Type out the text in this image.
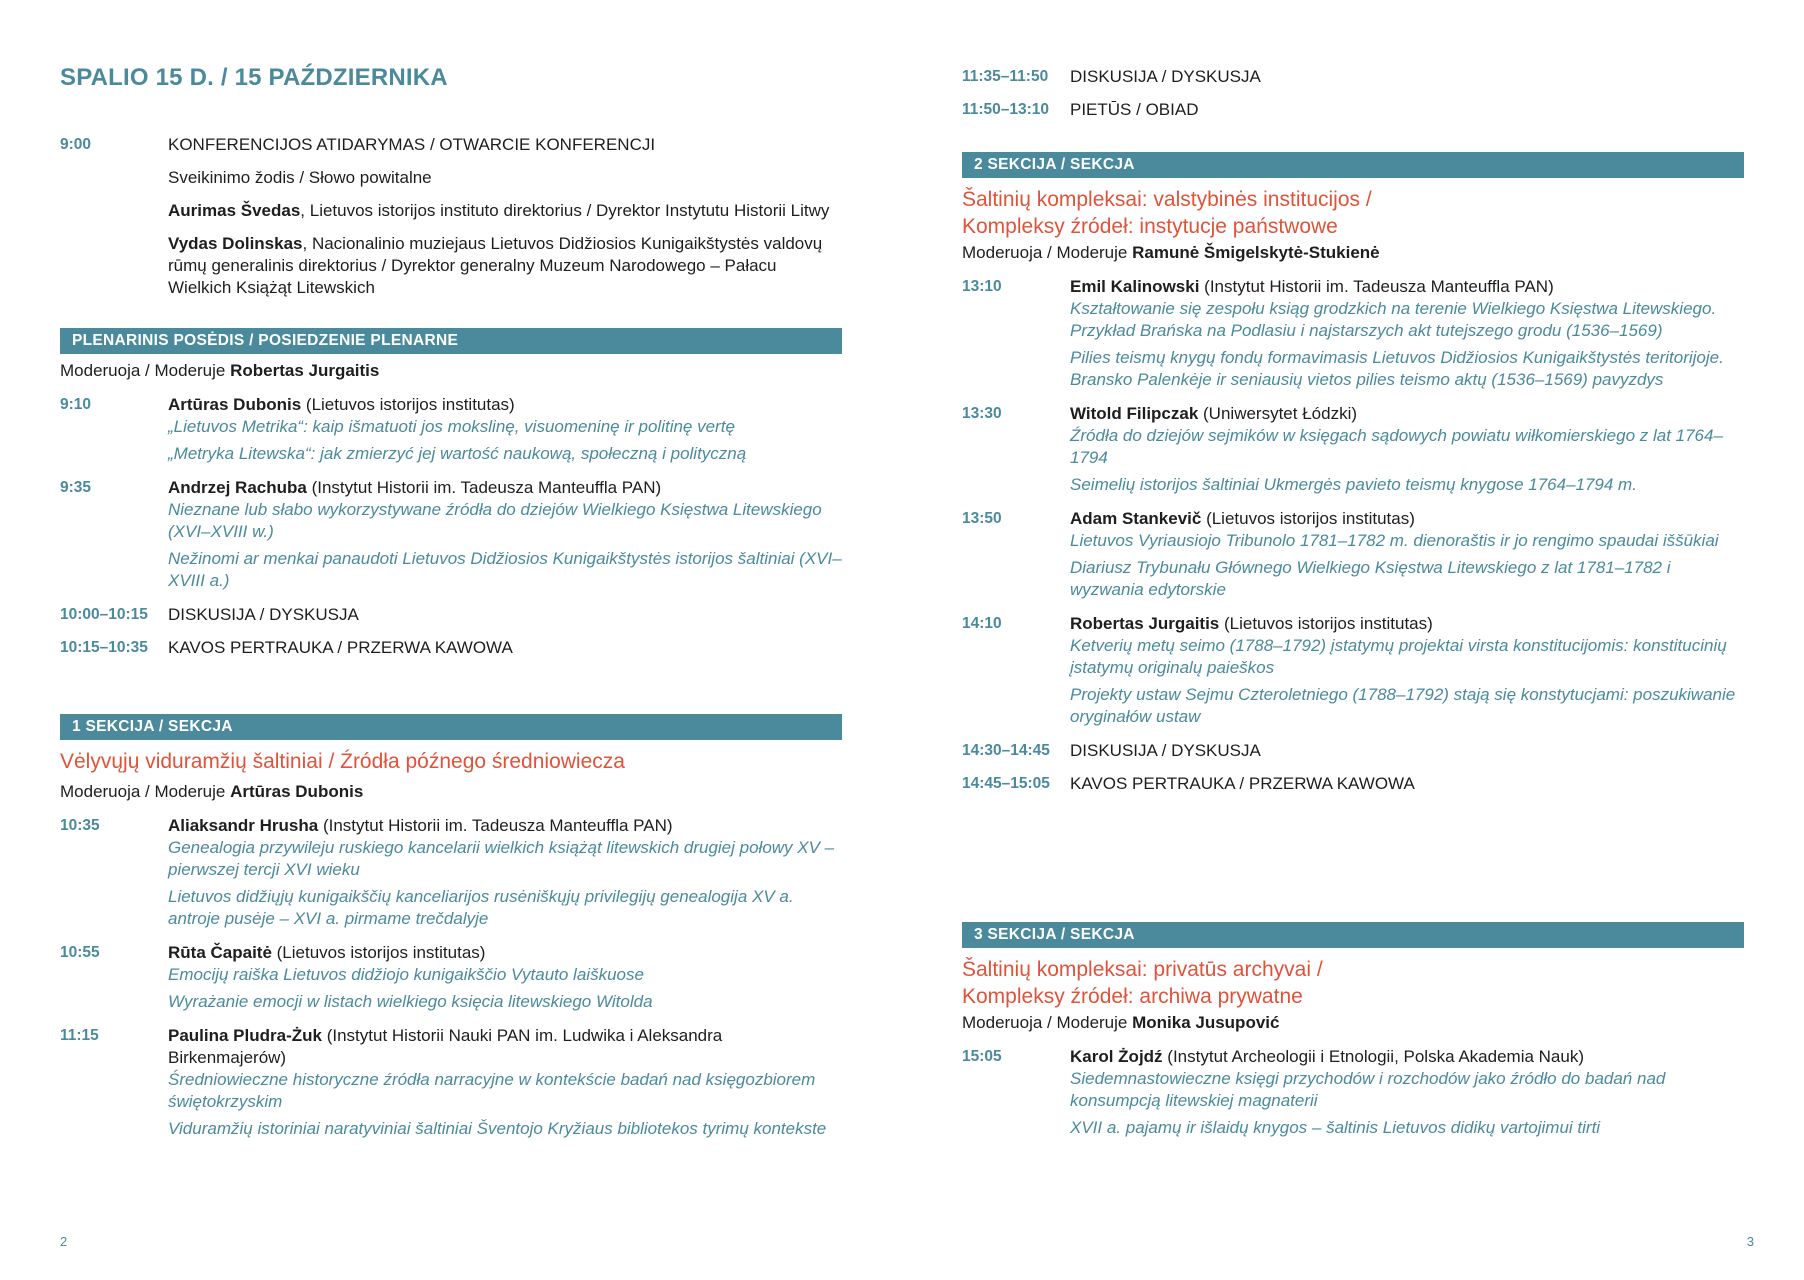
SPALIO 15 D. / 15 PAŹDZIERNIKA
9:00	KONFERENCIJOS ATIDARYMAS / OTWARCIE KONFERENCJI

Sveikinimo žodis / Słowo powitalne

Aurimas Švedas, Lietuvos istorijos instituto direktorius / Dyrektor Instytutu Historii Litwy

Vydas Dolinskas, Nacionalinio muziejaus Lietuvos Didžiosios Kunigaikštystės valdovų rūmų generalinis direktorius / Dyrektor generalny Muzeum Narodowego – Pałacu Wielkich Książąt Litewskich

PLENARINIS POSĖDIS / POSIEDZENIE PLENARNE
Moderuoja / Moderuje Robertas Jurgaitis
9:10	Artūras Dubonis (Lietuvos istorijos institutas)
„Lietuvos Metrika“: kaip išmatuoti jos mokslinę, visuomeninę ir politinę vertę
„Metryka Litewska“: jak zmierzyć jej wartość naukową, społeczną i polityczną
9:35	Andrzej Rachuba (Instytut Historii im. Tadeusza Manteuffla PAN)
Nieznane lub słabo wykorzystywane źródła do dziejów Wielkiego Księstwa Litewskiego (XVI–XVIII w.)
Nežinomi ar menkai panaudoti Lietuvos Didžiosios Kunigaikštystės istorijos šaltiniai (XVI–XVIII a.)
10:00–10:15	DISKUSIJA / DYSKUSJA
10:15–10:35	KAVOS PERTRAUKA / PRZERWA KAWOWA
1 SEKCIJA / SEKCJA
Vėlyvųjų viduramžių šaltiniai / Źródła późnego średniowiecza
Moderuoja / Moderuje Artūras Dubonis
10:35	Aliaksandr Hrusha (Instytut Historii im. Tadeusza Manteuffla PAN)
Genealogia przywileju ruskiego kancelarii wielkich książąt litewskich drugiej połowy XV – pierwszej tercji XVI wieku
Lietuvos didžiųjų kunigaikščių kanceliarijos rusėniškųjų privilegijų genealogija XV a. antroje pusėje – XVI a. pirmame trečdalyje
10:55	Rūta Čapaitė (Lietuvos istorijos institutas)
Emocijų raiška Lietuvos didžiojo kunigaikščio Vytauto laiškuose
Wyrażanie emocji w listach wielkiego księcia litewskiego Witolda
11:15	Paulina Pludra-Żuk (Instytut Historii Nauki PAN im. Ludwika i Aleksandra Birkenmajerów)
Średniowieczne historyczne źródła narracyjne w kontekście badań nad księgozbiorem świętokrzyskim
Viduramžių istoriniai naratyviniai šaltiniai Šventojo Kryžiaus bibliotekos tyrimų kontekste
2
11:35–11:50	DISKUSIJA / DYSKUSJA
11:50–13:10	PIETŪS / OBIAD
2 SEKCIJA / SEKCJA
Šaltinių kompleksai: valstybinės institucijos /
Kompleksy źródeł: instytucje państwowe
Moderuoja / Moderuje Ramunė Šmigelskytė-Stukienė
13:10	Emil Kalinowski (Instytut Historii im. Tadeusza Manteuffla PAN)
Kształtowanie się zespołu ksiąg grodzkich na terenie Wielkiego Księstwa Litewskiego. Przykład Brańska na Podlasiu i najstarszych akt tutejszego grodu (1536–1569)
Pilies teismų knygų fondų formavimasis Lietuvos Didžiosios Kunigaikštystės teritorijoje. Bransko Palenkėje ir seniausių vietos pilies teismo aktų (1536–1569) pavyzdys
13:30	Witold Filipczak (Uniwersytet Łódzki)
Źródła do dziejów sejmików w księgach sądowych powiatu wiłkomierskiego z lat 1764–1794
Seimelių istorijos šaltiniai Ukmergės pavieto teismų knygose 1764–1794 m.
13:50	Adam Stankevič (Lietuvos istorijos institutas)
Lietuvos Vyriausiojo Tribunolo 1781–1782 m. dienoraštis ir jo rengimo spaudai iššūkiai
Diariusz Trybunału Głównego Wielkiego Księstwa Litewskiego z lat 1781–1782 i wyzwania edytorskie
14:10	Robertas Jurgaitis (Lietuvos istorijos institutas)
Ketverių metų seimo (1788–1792) įstatymų projektai virsta konstitucijomis: konstitucinių įstatymų originalų paieškos
Projekty ustaw Sejmu Czteroletniego (1788–1792) stają się konstytucjami: poszukiwanie oryginałów ustaw
14:30–14:45	DISKUSIJA / DYSKUSJA
14:45–15:05	KAVOS PERTRAUKA / PRZERWA KAWOWA
3 SEKCIJA / SEKCJA
Šaltinių kompleksai: privatūs archyvai /
Kompleksy źródeł: archiwa prywatne
Moderuoja / Moderuje Monika Jusupović
15:05	Karol Żojdź (Instytut Archeologii i Etnologii, Polska Akademia Nauk)
Siedemnastowieczne księgi przychodów i rozchodów jako źródło do badań nad konsumpcją litewskiej magnaterii
XVII a. pajamų ir išlaidų knygos – šaltinis Lietuvos didikų vartojimui tirti
3
